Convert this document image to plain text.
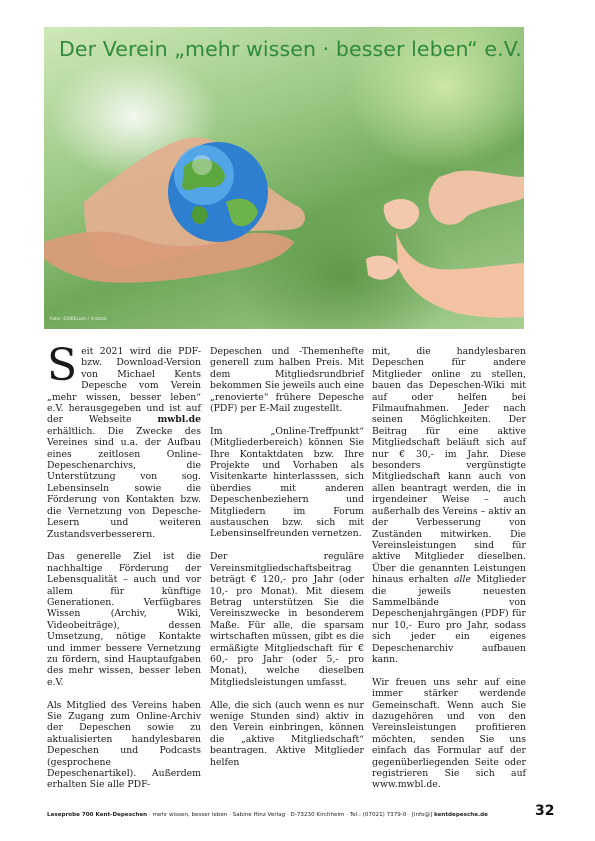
Der Verein „mehr wissen · besser leben“ e.V.
Foto: ©DKEcom / ©stock

Seit 2021 wird die PDF-bzw. Download-Version von Michael Kents Depesche vom Verein „mehr wissen, besser leben“ e.V. herausgegeben und ist auf der Webseite mwbl.de erhältlich. Die Zwecke des Vereines sind u.a. der Aufbau eines zeitlosen Online-Depeschenarchivs, die Unterstützung von sog. Lebensinseln sowie die Förderung von Kontakten bzw. die Vernetzung von Depesche-Lesern und weiteren Zustandsverbesserern.

Das generelle Ziel ist die nachhaltige Förderung der Lebensqualität – auch und vor allem für künftige Generationen. Verfügbares Wissen (Archiv, Wiki, Videobeiträge), dessen Umsetzung, nötige Kontakte und immer bessere Vernetzung zu fördern, sind Hauptaufgaben des mehr wissen, besser leben e.V.

Als Mitglied des Vereins haben Sie Zugang zum Online-Archiv der Depeschen sowie zu aktualisierten handylesbaren Depeschen und Podcasts (gesprochene Depeschenartikel). Außerdem erhalten Sie alle PDF-

Depeschen und -Themenhefte generell zum halben Preis. Mit dem Mitgliedsrundbrief bekommen Sie jeweils auch eine „renovierte“ frühere Depesche (PDF) per E-Mail zugestellt.

Im „Online-Treffpunkt“ (Mitgliederbereich) können Sie Ihre Kontaktdaten bzw. Ihre Projekte und Vorhaben als Visitenkarte hinterlasssen, sich überdies mit anderen Depeschenbeziehern und Mitgliedern im Forum austauschen bzw. sich mit Lebensinselfreunden vernetzen.

Der reguläre Vereinsmitgliedschaftsbeitrag beträgt € 120,- pro Jahr (oder 10,- pro Monat). Mit diesem Betrag unterstützen Sie die Vereinszwecke in besonderem Maße. Für alle, die sparsam wirtschaften müssen, gibt es die ermäßigte Mitgliedschaft für € 60,- pro Jahr (oder 5,- pro Monat), welche dieselben Mitgliedsleistungen umfasst.

Alle, die sich (auch wenn es nur wenige Stunden sind) aktiv in den Verein einbringen, können die „aktive Mitgliedschaft“ beantragen. Aktive Mitglieder helfen

mit, die handylesbaren Depeschen für andere Mitglieder online zu stellen, bauen das Depeschen-Wiki mit auf oder helfen bei Filmaufnahmen. Jeder nach seinen Möglichkeiten. Der Beitrag für eine aktive Mitgliedschaft beläuft sich auf nur € 30,- im Jahr. Diese besonders vergünstigte Mitgliedschaft kann auch von allen beantragt werden, die in irgendeiner Weise – auch außerhalb des Vereins – aktiv an der Verbesserung von Zuständen mitwirken. Die Vereinsleistungen sind für aktive Mitglieder dieselben. Über die genannten Leistungen hinaus erhalten alle Mitglieder die jeweils neuesten Sammelbände von Depeschenjahrgängen (PDF) für nur 10,- Euro pro Jahr, sodass sich jeder ein eigenes Depeschenarchiv aufbauen kann.

Wir freuen uns sehr auf eine immer stärker werdende Gemeinschaft. Wenn auch Sie dazugehören und von den Vereinsleistungen profitieren möchten, senden Sie uns einfach das Formular auf der gegenüberliegenden Seite oder registrieren Sie sich auf www.mwbl.de.

Leseprobe 700 Kent-Depeschen · mehr wissen, besser leben · Sabine Hinz Verlag · D-73230 Kirchheim · Tel.: (07021) 7379-0 · [info@] kentdepesche.de	32
